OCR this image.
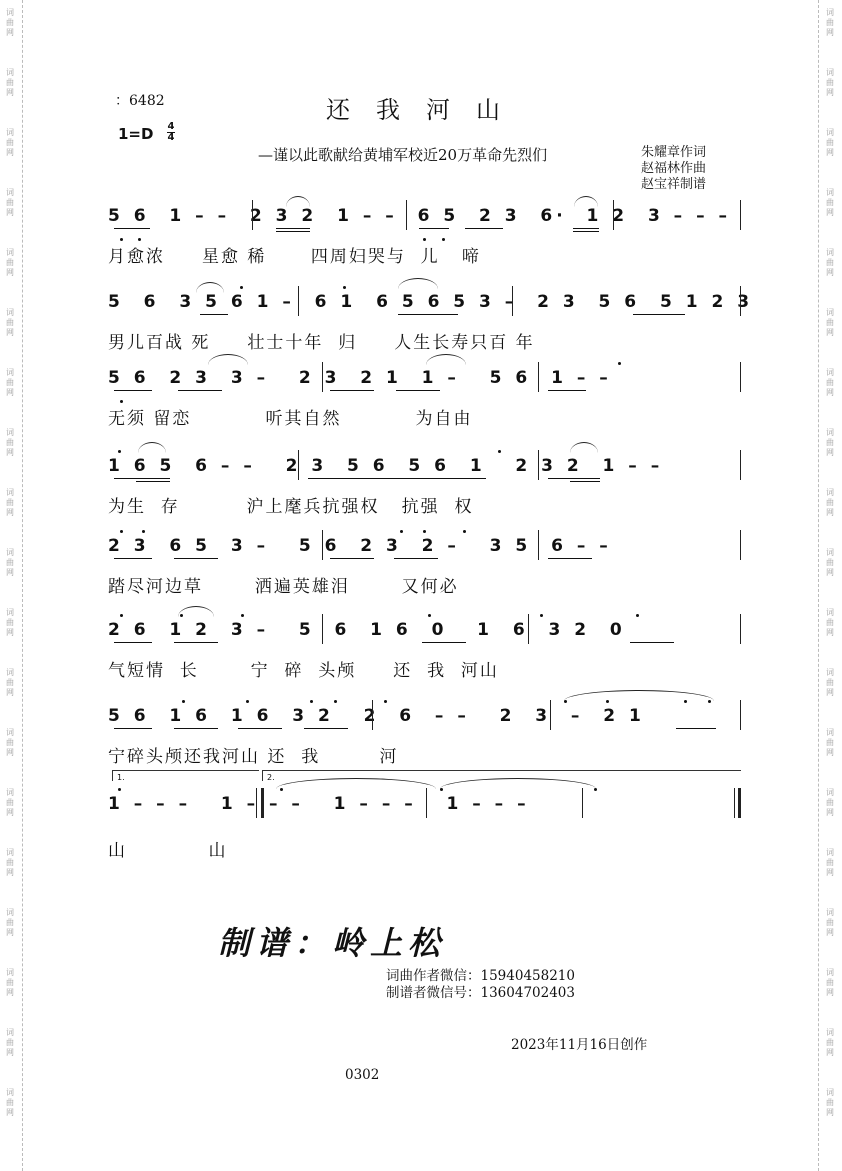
词
曲
网
词
曲
网
词
曲
网
词
曲
网
词
曲
网
词
曲
网
词
曲
网
词
曲
网
词
曲
网
词
曲
网
词
曲
网
词
曲
网
词
曲
网
词
曲
网
词
曲
网
词
曲
网
词
曲
网
词
曲
网
词
曲
网
词
曲
网
词
曲
网
词
曲
网
词
曲
网
词
曲
网
词
曲
网
词
曲
网
词
曲
网
词
曲
网
词
曲
网
词
曲
网
词
曲
网
词
曲
网
词
曲
网
词
曲
网
词
曲
网
词
曲
网
词
曲
网
词
曲
网
：6482
1=D 4
4
还我河山
—谨以此歌献给黄埔军校近20万革命先烈们	朱耀章作词
赵福林作曲
赵宝祥制谱
5 6  1 – –  2 3 2  1 – –  6 5  2 3  6·  1 2  3 – – –
月愈浓     星愈 稀      四周妇哭与  儿   啼
5  6  3 5 6 1 –  6 1  6 5 6 5 3 –  2 3  5 6  5 1 2 3
男儿百战 死     壮士十年  归     人生长寿只百 年
5 6  2 3  3 –   2 3  2 1  1 –   5 6  1 – –
无须 留恋          听其自然          为自由
1 6 5  6 – –   2 3  5 6  5 6  1   2 3 2  1 – –
为生  存         沪上麾兵抗强权   抗强  权
2 3  6 5  3 –   5 6  2 3  2 –   3 5  6 – –
踏尽河边草       洒遍英雄泪       又何必
2 6  1 2  3 –   5  6  1 6  0   1  6  3 2  0
气短情  长       宁  碎  头颅     还  我  河山
5 6  1 6  1 6  3 2   2  6  – –   2  3  –  2 1
宁碎头颅还我河山 还  我        河
1.	2.
1 – – –   1 – – –   1 – – –   1 – – –
山           山
制谱：岭上松
词曲作者微信：15940458210
制谱者微信号：13604702403
2023年11月16日创作
0302
